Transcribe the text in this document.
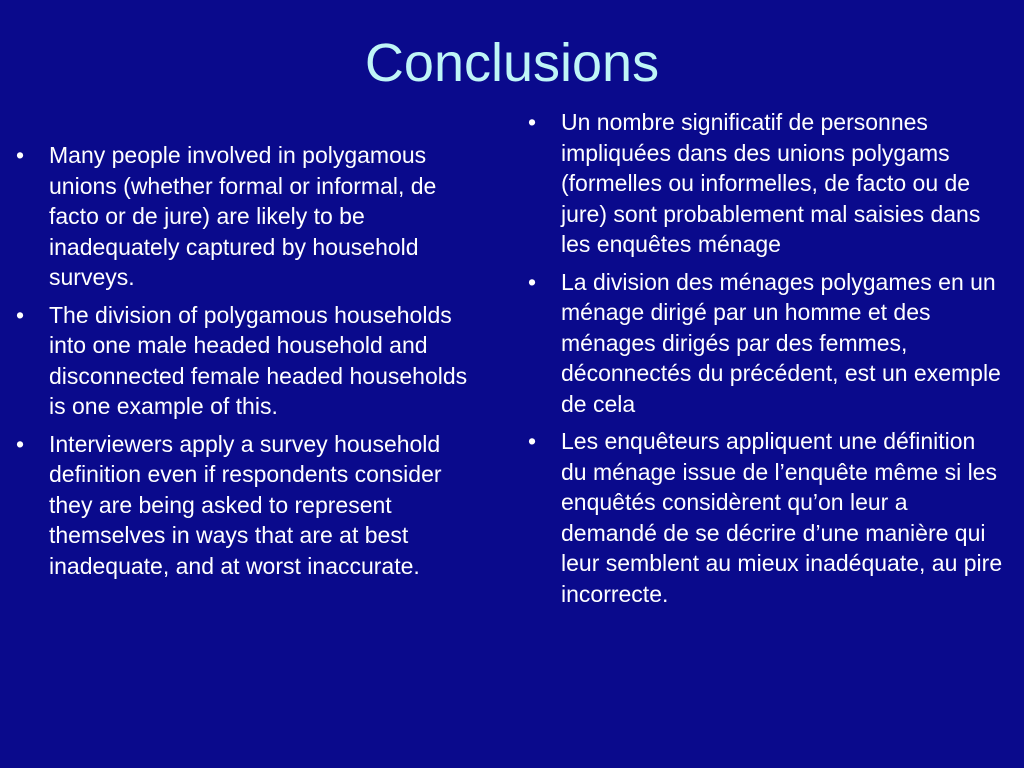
Conclusions
• Many people involved in polygamous unions (whether formal or informal, de facto or de jure) are likely to be inadequately captured by household surveys.
• The division of polygamous households into one male headed household and disconnected female headed households is one example of this.
• Interviewers apply a survey household definition even if respondents consider they are being asked to represent themselves in ways that are at best inadequate, and at worst inaccurate.
• Un nombre significatif de personnes impliquées dans des unions polygams (formelles ou informelles, de facto ou de jure) sont probablement mal saisies dans les enquêtes ménage
• La division des ménages polygames en un ménage dirigé par un homme et des ménages dirigés par des femmes, déconnectés du précédent, est un exemple de cela
• Les enquêteurs appliquent une définition du ménage issue de l’enquête même si les enquêtés considèrent qu’on leur a demandé de se décrire d’une manière qui leur semblent au mieux inadéquate, au pire incorrecte.
